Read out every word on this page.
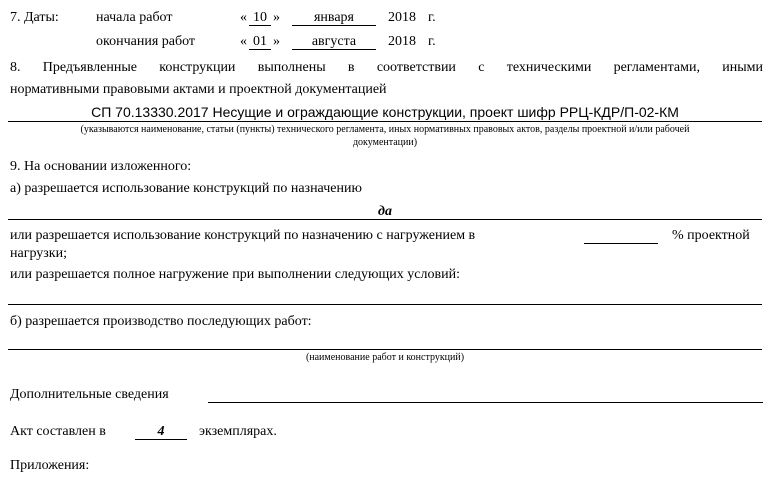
7. Даты:	начала работ	« 10 »	января	2018 г.
окончания работ	« 01 »	августа	2018 г.
8. Предъявленные конструкции выполнены в соответствии с техническими регламентами, иными
нормативными правовыми актами и проектной документацией
СП 70.13330.2017 Несущие и ограждающие конструкции, проект шифр РРЦ-КДР/П-02-КМ
(указываются наименование, статьи (пункты) технического регламента, иных нормативных правовых актов, разделы проектной и/или рабочей
документации)
9. На основании изложенного:
а) разрешается использование конструкций по назначению
да
или разрешается использование конструкций по назначению с нагружением в	% проектной
нагрузки;
или разрешается полное нагружение при выполнении следующих условий:
б) разрешается производство последующих работ:
(наименование работ и конструкций)
Дополнительные сведения
Акт составлен в	4	экземплярах.
Приложения:
